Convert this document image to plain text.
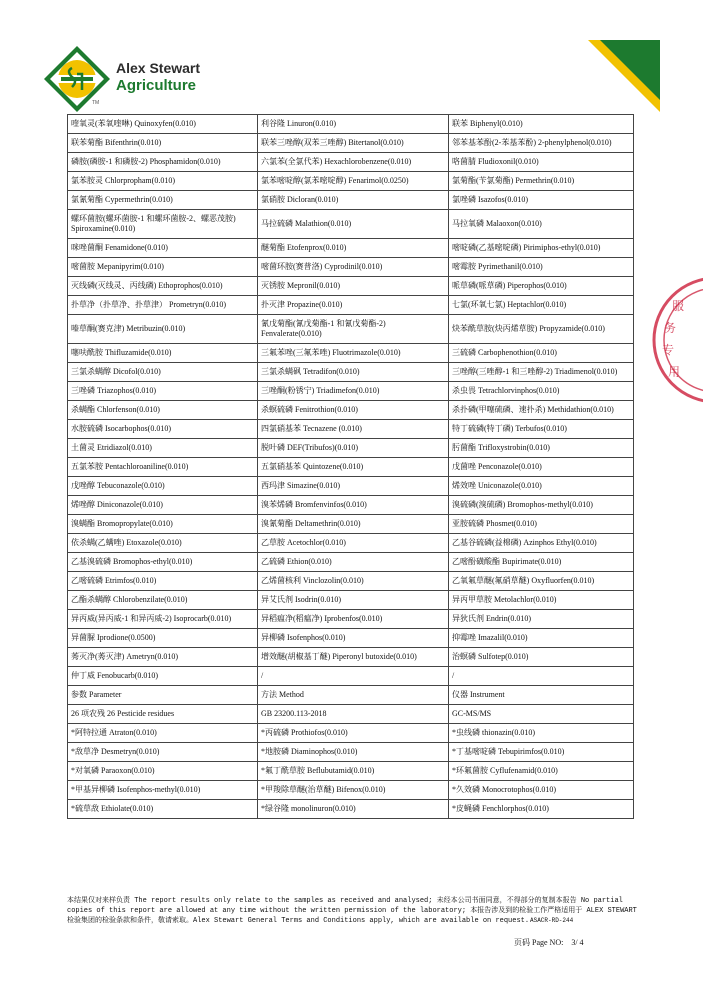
Alex Stewart
Agriculture
TM
服
务
专
用
喹氧灵(苯氧喹啉) Quinoxyfen(0.010)	利谷隆 Linuron(0.010)	联苯 Biphenyl(0.010)
联苯菊酯 Bifenthrin(0.010)	联苯三唑醇(双苯三唑醇) Bitertanol(0.010)	邻苯基苯酚(2-苯基苯酚) 2-phenylphenol(0.010)
磷胺(磷胺-1 和磷胺-2) Phosphamidon(0.010)	六氯苯(全氯代苯) Hexachlorobenzene(0.010)	咯菌腈 Fludioxonil(0.010)
氯苯胺灵 Chlorpropham(0.010)	氯苯嘧啶醇(氯苯嘧啶醇) Fenarimol(0.0250)	氯菊酯(苄氯菊酯) Permethrin(0.010)
氯氰菊酯 Cypermethrin(0.010)	氯硝胺 Dicloran(0.010)	氯唑磷 Isazofos(0.010)
螺环菌胺(螺环菌胺-1 和螺环菌胺-2、螺恶茂胺) Spiroxamine(0.010)	马拉硫磷 Malathion(0.010)	马拉氧磷 Malaoxon(0.010)
咪唑菌酮 Fenamidone(0.010)	醚菊酯 Etofenprox(0.010)	嘧啶磷(乙基嘧啶磷) Pirimiphos-ethyl(0.010)
嘧菌胺 Mepanipyrim(0.010)	嘧菌环胺(赛普洛) Cyprodinil(0.010)	嘧霉胺 Pyrimethanil(0.010)
灭线磷(灭线灵、丙线磷) Ethoprophos(0.010)	灭锈胺 Mepronil(0.010)	哌草磷(哌草磷) Piperophos(0.010)
扑草净（扑草净、扑草津） Prometryn(0.010)	扑灭津 Propazine(0.010)	七氯(环氧七氯) Heptachlor(0.010)
嗪草酮(赛克津) Metribuzin(0.010)	氰戊菊酯(氰戊菊酯-1 和氰戊菊酯-2) Fenvalerate(0.010)	炔苯酰草胺(炔丙烯草胺) Propyzamide(0.010)
噻呋酰胺 Thifluzamide(0.010)	三氟苯唑(三氟苯唑) Fluotrimazole(0.010)	三硫磷 Carbophenothion(0.010)
三氯杀螨醇 Dicofol(0.010)	三氯杀螨砜 Tetradifon(0.010)	三唑醇(三唑醇-1 和三唑醇-2) Triadimenol(0.010)
三唑磷 Triazophos(0.010)	三唑酮(粉锈宁) Triadimefon(0.010)	杀虫畏 Tetrachlorvinphos(0.010)
杀螨酯 Chlorfenson(0.010)	杀螟硫磷 Fenitrothion(0.010)	杀扑磷(甲噻硫磷、速扑杀) Methidathion(0.010)
水胺硫磷 Isocarbophos(0.010)	四氯硝基苯 Tecnazene (0.010)	特丁硫磷(特丁磷) Terbufos(0.010)
土菌灵 Etridiazol(0.010)	脱叶磷 DEF(Tribufos)(0.010)	肟菌酯 Trifloxystrobin(0.010)
五氯苯胺 Pentachloroaniline(0.010)	五氯硝基苯 Quintozene(0.010)	戊菌唑 Penconazole(0.010)
戊唑醇 Tebuconazole(0.010)	西玛津 Simazine(0.010)	烯效唑 Uniconazole(0.010)
烯唑醇 Diniconazole(0.010)	溴苯烯磷 Bromfenvinfos(0.010)	溴硫磷(溴硫磷) Bromophos-methyl(0.010)
溴螨酯 Bromopropylate(0.010)	溴氰菊酯 Deltamethrin(0.010)	亚胺硫磷 Phosmet(0.010)
依杀螨(乙螨唑) Etoxazole(0.010)	乙草胺 Acetochlor(0.010)	乙基谷硫磷(益棉磷) Azinphos Ethyl(0.010)
乙基溴硫磷 Bromophos-ethyl(0.010)	乙硫磷 Ethion(0.010)	乙嘧酚磺酸酯 Bupirimate(0.010)
乙嘧硫磷 Etrimfos(0.010)	乙烯菌核利 Vinclozolin(0.010)	乙氧氟草醚(氟硝草醚) Oxyfluorfen(0.010)
乙酯杀螨醇 Chlorobenzilate(0.010)	异艾氏剂 Isodrin(0.010)	异丙甲草胺 Metolachlor(0.010)
异丙威(异丙威-1 和异丙威-2) Isoprocarb(0.010)	异稻瘟净(稻瘟净) Iprobenfos(0.010)	异狄氏剂 Endrin(0.010)
异菌脲 Iprodione(0.0500)	异柳磷 Isofenphos(0.010)	抑霉唑 Imazalil(0.010)
莠灭净(莠灭津) Ametryn(0.010)	增效醚(胡椒基丁醚) Piperonyl butoxide(0.010)	治螟磷 Sulfotep(0.010)
仲丁威 Fenobucarb(0.010)	/	/
参数 Parameter	方法 Method	仪器 Instrument
26 项农残 26 Pesticide residues	GB 23200.113-2018	GC-MS/MS
*阿特拉通 Atraton(0.010)	*丙硫磷 Prothiofos(0.010)	*虫线磷 thionazin(0.010)
*敌草净 Desmetryn(0.010)	*地胺磷 Diaminophos(0.010)	*丁基嘧啶磷 Tebupirimfos(0.010)
*对氧磷 Paraoxon(0.010)	*氟丁酰草胺 Beflubutamid(0.010)	*环氟菌胺 Cyflufenamid(0.010)
*甲基异柳磷 Isofenphos-methyl(0.010)	*甲羧除草醚(治草醚) Bifenox(0.010)	*久效磷 Monocrotophos(0.010)
*硫草敌 Ethiolate(0.010)	*绿谷隆 monolinuron(0.010)	*皮蝇磷 Fenchlorphos(0.010)
本结果仅对来样负责 The report results only relate to the samples as received and analysed; 未经本公司书面同意，不得部分的复制本报告 No partial copies of this report are allowed at any time without the written permission of the laboratory; 本报告涉及到的检验工作严格适用于 ALEX STEWART 检验集团的检验条款和条件，敬请索取。Alex Stewart General Terms and Conditions apply, which are available on request. ASACR-RD-244
页码 Page NO: 3/ 4
